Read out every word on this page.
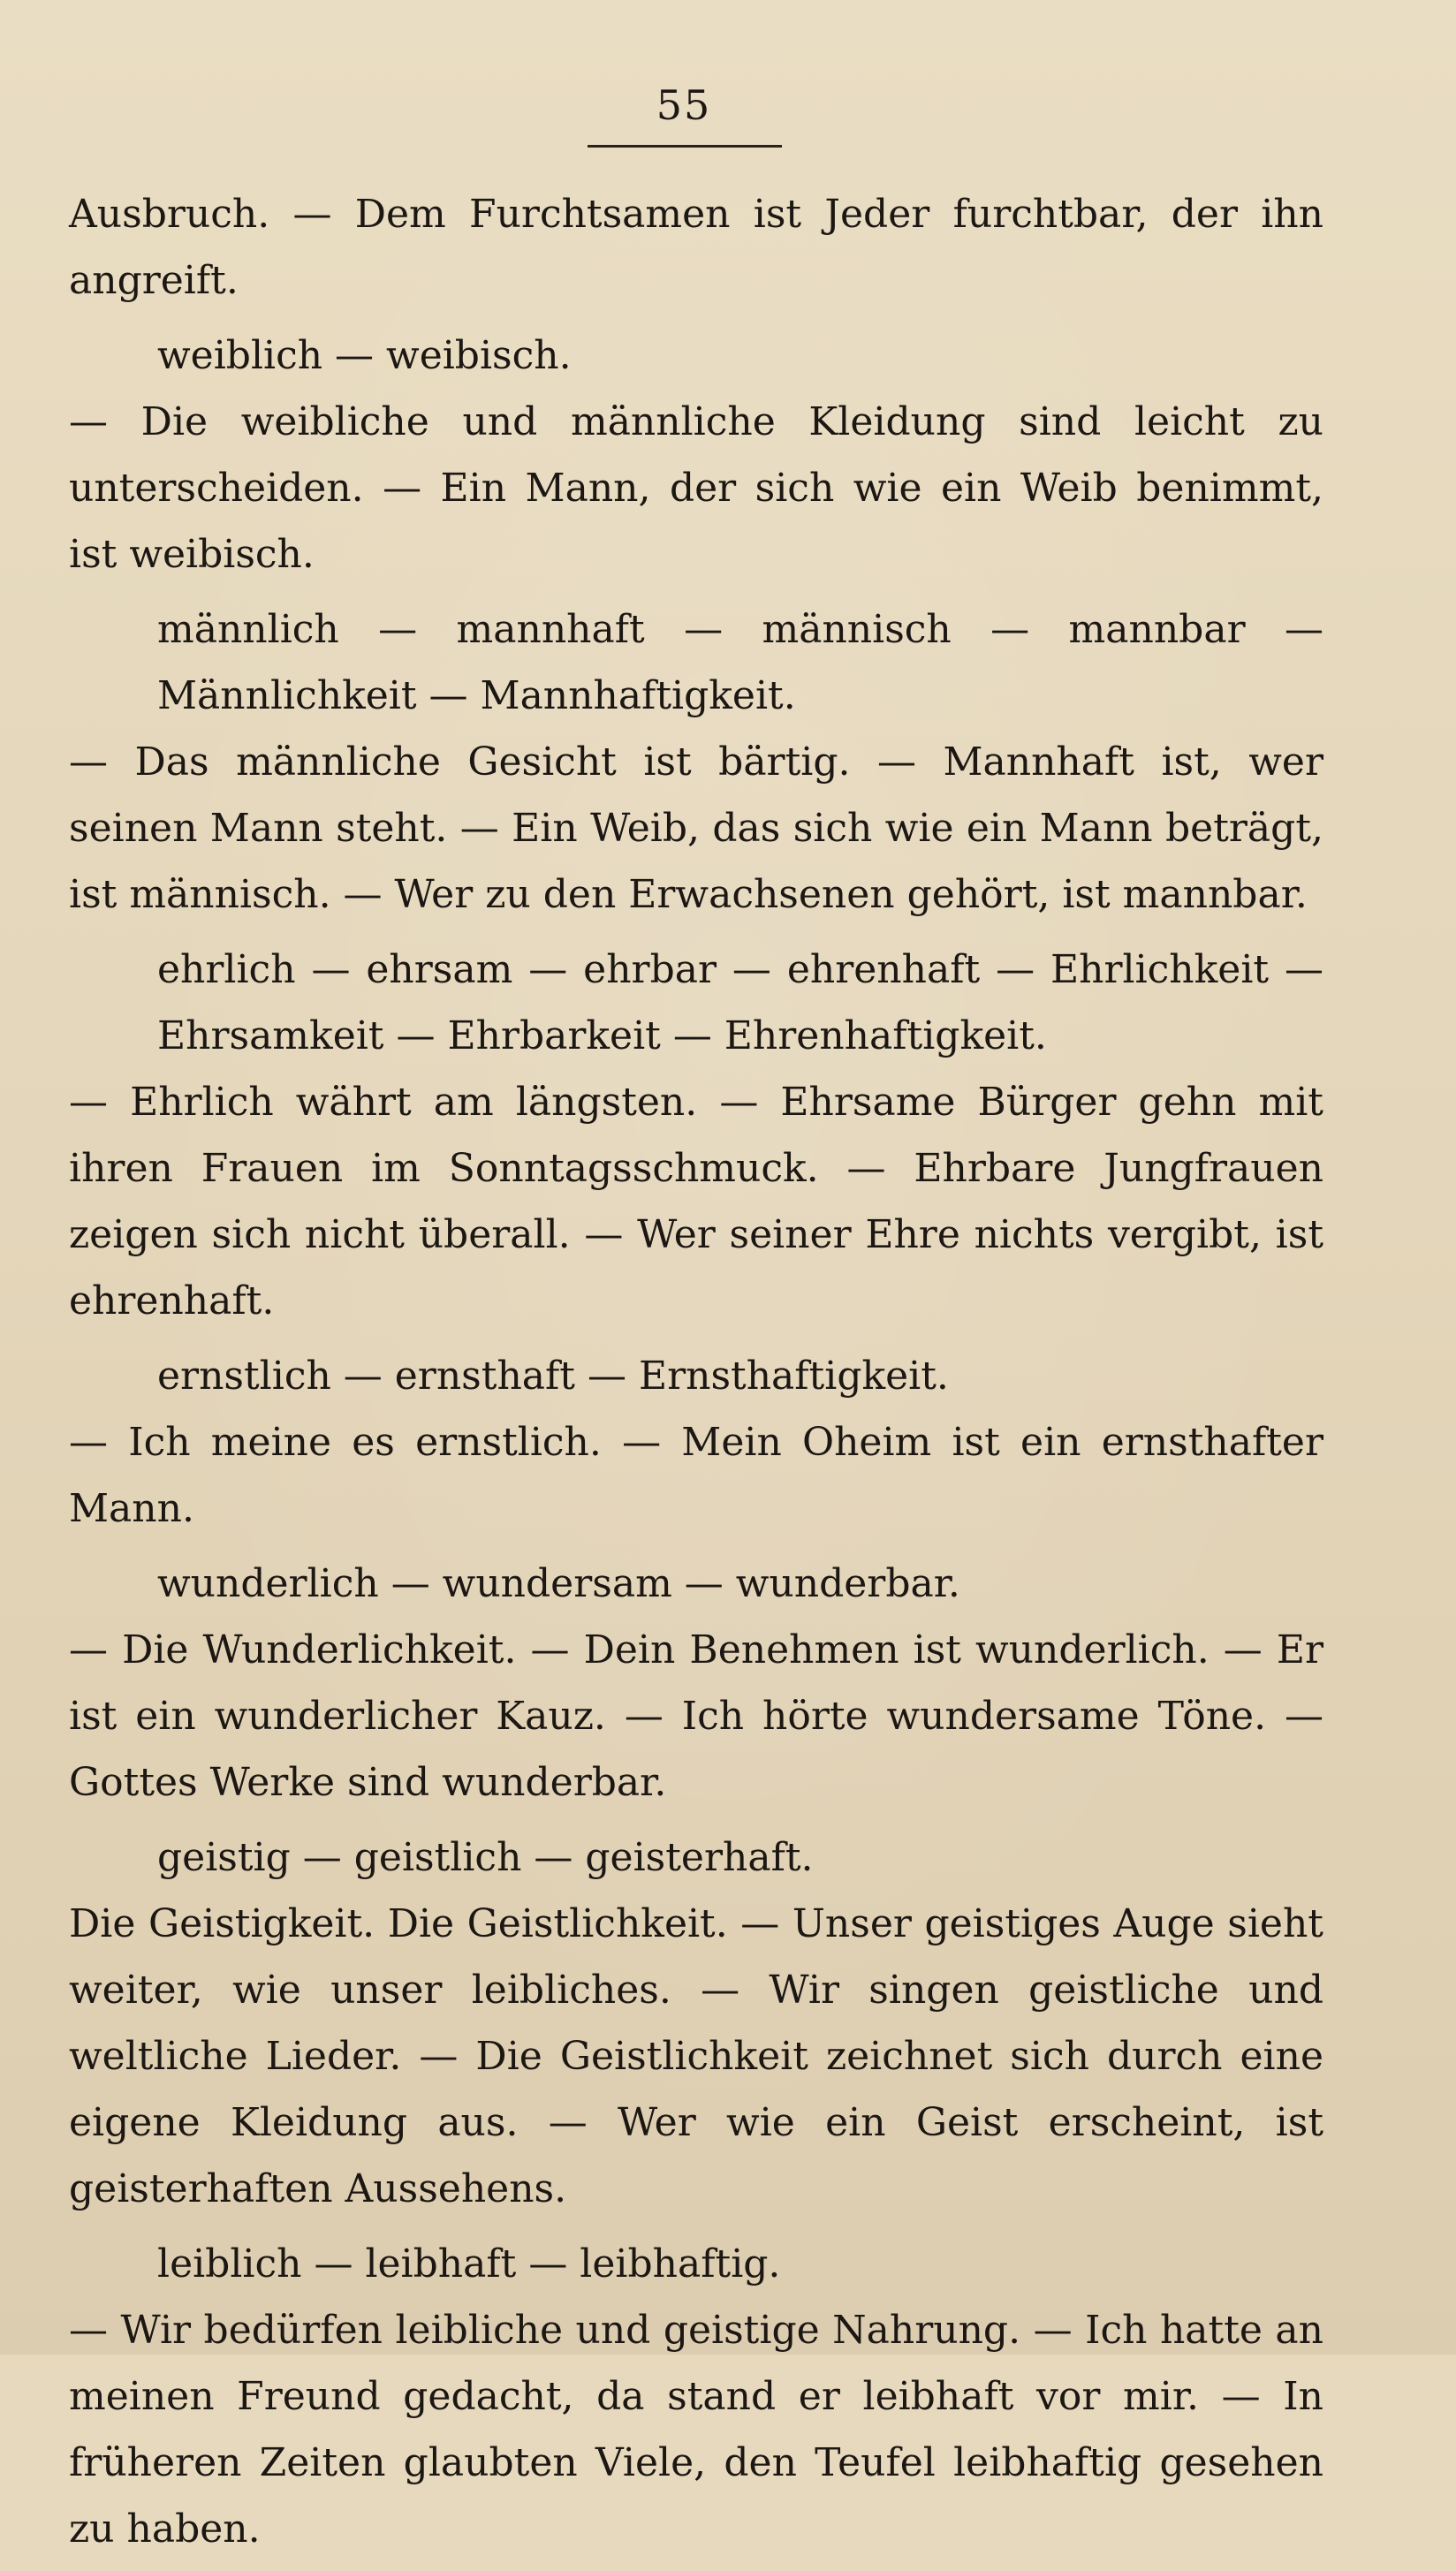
55

Ausbruch. — Dem Furchtsamen ist Jeder furchtbar, der ihn angreift.

weiblich — weibisch.
— Die weibliche und männliche Kleidung sind leicht zu unterscheiden. — Ein Mann, der sich wie ein Weib benimmt, ist weibisch.

männlich — mannhaft — männisch — mannbar — Männlichkeit — Mannhaftigkeit.
— Das männliche Gesicht ist bärtig. — Mannhaft ist, wer seinen Mann steht. — Ein Weib, das sich wie ein Mann beträgt, ist männisch. — Wer zu den Erwachsenen gehört, ist mannbar.

ehrlich — ehrsam — ehrbar — ehrenhaft — Ehrlichkeit — Ehrsamkeit — Ehrbarkeit — Ehrenhaftigkeit.
— Ehrlich währt am längsten. — Ehrsame Bürger gehn mit ihren Frauen im Sonntagsschmuck. — Ehrbare Jungfrauen zeigen sich nicht überall. — Wer seiner Ehre nichts vergibt, ist ehrenhaft.

ernstlich — ernsthaft — Ernsthaftigkeit.
— Ich meine es ernstlich. — Mein Oheim ist ein ernsthafter Mann.

wunderlich — wundersam — wunderbar.
— Die Wunderlichkeit. — Dein Benehmen ist wunderlich. — Er ist ein wunderlicher Kauz. — Ich hörte wundersame Töne. — Gottes Werke sind wunderbar.

geistig — geistlich — geisterhaft.
Die Geistigkeit. Die Geistlichkeit. — Unser geistiges Auge sieht weiter, wie unser leibliches. — Wir singen geistliche und weltliche Lieder. — Die Geistlichkeit zeichnet sich durch eine eigene Kleidung aus. — Wer wie ein Geist erscheint, ist geisterhaften Aussehens.

leiblich — leibhaft — leibhaftig.
— Wir bedürfen leibliche und geistige Nahrung. — Ich hatte an meinen Freund gedacht, da stand er leibhaft vor mir. — In früheren Zeiten glaubten Viele, den Teufel leibhaftig gesehen zu haben.
